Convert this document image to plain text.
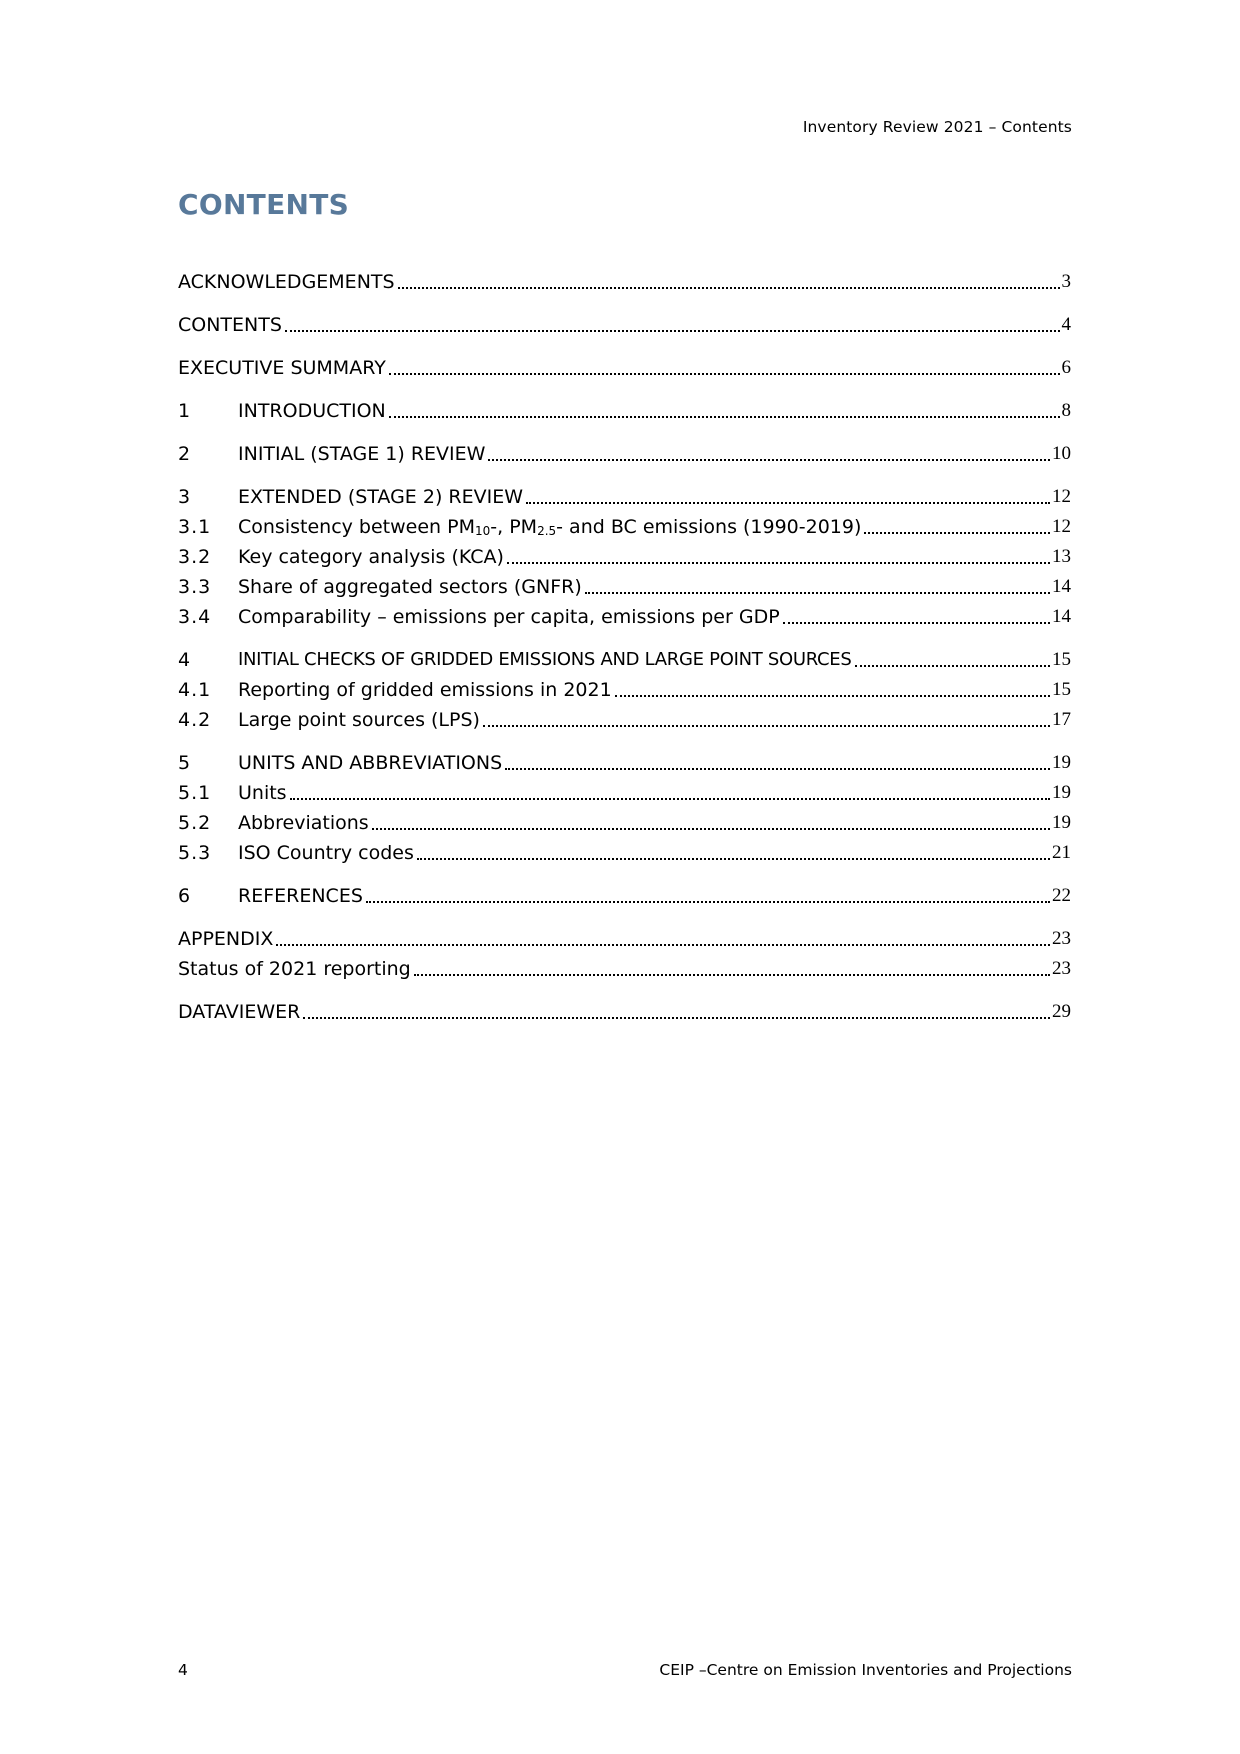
Inventory Review 2021 – Contents
CONTENTS
ACKNOWLEDGEMENTS	3
CONTENTS	4
EXECUTIVE SUMMARY	6
1	INTRODUCTION	8
2	INITIAL (STAGE 1) REVIEW	10
3	EXTENDED (STAGE 2) REVIEW	12
3.1	Consistency between $PM_{10}-$, $PM_{2.5}-$ and BC emissions (1990-2019)	12
3.2	Key category analysis (KCA)	13
3.3	Share of aggregated sectors (GNFR)	14
3.4	Comparability – emissions per capita, emissions per GDP	14
4	INITIAL CHECKS OF GRIDDED EMISSIONS AND LARGE POINT SOURCES	15
4.1	Reporting of gridded emissions in 2021	15
4.2	Large point sources (LPS)	17
5	UNITS AND ABBREVIATIONS	19
5.1	Units	19
5.2	Abbreviations	19
5.3	ISO Country codes	21
6	REFERENCES	22
APPENDIX	23
Status of 2021 reporting	23
DATAVIEWER	29
4	CEIP –Centre on Emission Inventories and Projections
